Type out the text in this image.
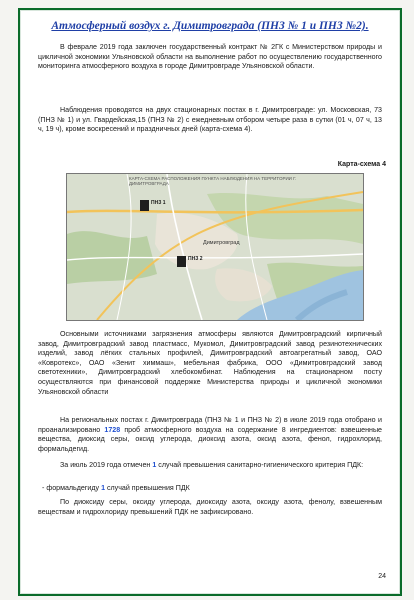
Атмосферный воздух г. Димитровграда (ПНЗ № 1 и ПНЗ №2).
В феврале 2019 года заключен государственный контракт № 2ГК с Министерством природы и цикличной экономики Ульяновской области на выполнение работ по осуществлению государственного мониторинга атмосферного воздуха в городе Димитровграде Ульяновской области.
Наблюдения проводятся на двух стационарных постах в г. Димитровграде: ул. Московская, 73 (ПНЗ № 1) и ул. Гвардейская,15 (ПНЗ № 2) с ежедневным отбором четыре раза в сутки (01 ч, 07 ч, 13 ч, 19 ч), кроме воскресений и праздничных дней (карта-схема 4).
Карта-схема 4
КАРТА-СХЕМА РАСПОЛОЖЕНИЯ ПУНКТА НАБЛЮДЕНИЯ НА ТЕРРИТОРИИ Г. ДИМИТРОВГРАДА
ПНЗ 1
ПНЗ 2
Димитровград
Основными источниками загрязнения атмосферы являются Димитровградский кирпичный завод, Димитровградский завод пластмасс, Мукомол, Димитровградский завод резинотехнических изделий, завод лёгких стальных профилей, Димитровградский автоагрегатный завод, ОАО «Ковротекс», ОАО «Зенит химмаш», мебельная фабрика, ООО «Димитровградский завод светотехники», Димитровградский хлебокомбинат. Наблюдения на стационарном посту осуществляются при финансовой поддержке Министерства природы и цикличной экономики Ульяновской области
На региональных постах г. Димитровграда (ПНЗ № 1 и ПНЗ № 2) в июле 2019 года отобрано и проанализировано 1728 проб атмосферного воздуха на содержание 8 ингредиентов: взвешенные вещества, диоксид серы, оксид углерода, диоксид азота, оксид азота, фенол, гидрохлорид, формальдегид.
За июль 2019 года отмечен 1 случай превышения санитарно-гигиенического критерия ПДК:
- формальдегиду 1 случай превышения ПДК
По диоксиду серы, оксиду углерода, диоксиду азота, оксиду азота, фенолу, взвешенным веществам и гидрохлориду превышений ПДК не зафиксировано.
24
